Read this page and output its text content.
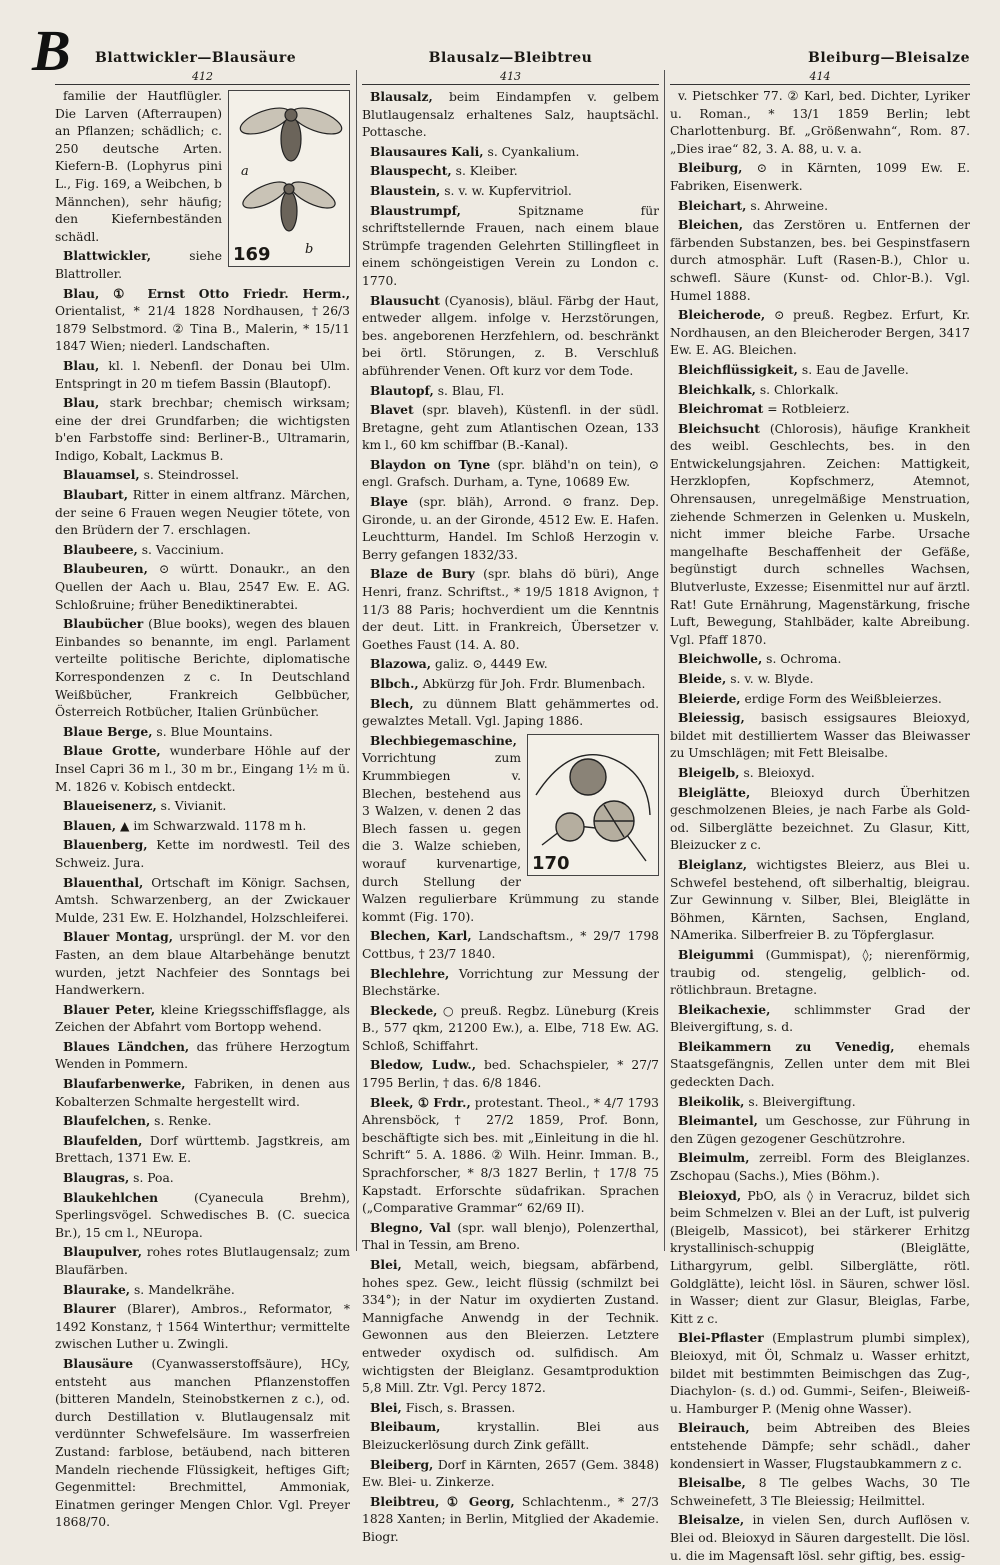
B	Blattwickler—Blausäure
412
a
b
169

familie der Hautflügler. Die Larven (Afterraupen) an Pflanzen; schädlich; c. 250 deutsche Arten. Kiefern-B. (Lophyrus pini L., Fig. 169, a Weibchen, b Männchen), sehr häufig; den Kiefernbeständen schädl.

Blattwickler,	siehe Blattroller.

Blau, ① Ernst Otto Friedr. Herm., Orientalist, * 21/4 1828 Nordhausen, †26/3 1879 Selbstmord. ② Tina B., Malerin, * 15/11 1847 Wien; niederl. Landschaften.

Blau, kl. l. Nebenfl. der Donau bei Ulm. Entspringt in 20 m tiefem Bassin (Blautopf).

Blau, stark brechbar; chemisch wirksam; eine der drei Grundfarben; die wichtigsten b'en Farbstoffe sind: Berliner-B., Ultramarin, Indigo, Kobalt, Lackmus B.

Blauamsel, s. Steindrossel.

Blaubart, Ritter in einem altfranz. Märchen, der seine 6 Frauen wegen Neugier tötete, von den Brüdern der 7. erschlagen.

Blaubeere, s. Vaccinium.

Blaubeuren, ⊙ württ. Donaukr., an den Quellen der Aach u. Blau, 2547 Ew. E. AG. Schloßruine; früher Benediktinerabtei.

Blaubücher (Blue books), wegen des blauen Einbandes so benannte, im engl. Parlament verteilte politische Berichte, diplomatische Korrespondenzen z c. In Deutschland Weißbücher, Frankreich Gelbbücher, Österreich Rotbücher, Italien Grünbücher.

Blaue Berge, s. Blue Mountains.

Blaue Grotte, wunderbare Höhle auf der Insel Capri 36 m l., 30 m br., Eingang 1½ m ü. M. 1826 v. Kobisch entdeckt.

Blaueisenerz, s. Vivianit.

Blauen, ▲ im Schwarzwald. 1178 m h.

Blauenberg, Kette im nordwestl. Teil des Schweiz. Jura.

Blauenthal, Ortschaft im Königr. Sachsen, Amtsh. Schwarzenberg, an der Zwickauer Mulde, 231 Ew. E. Holzhandel, Holzschleiferei.

Blauer Montag, ursprüngl. der M. vor den Fasten, an dem blaue Altarbehänge benutzt wurden, jetzt Nachfeier des Sonntags bei Handwerkern.

Blauer Peter, kleine Kriegsschiffsflagge, als Zeichen der Abfahrt vom Bortopp wehend.

Blaues Ländchen, das frühere Herzogtum Wenden in Pommern.

Blaufarbenwerke, Fabriken, in denen aus Kobalterzen Schmalte hergestellt wird.

Blaufelchen, s. Renke.

Blaufelden, Dorf württemb. Jagstkreis, am Brettach, 1371 Ew. E.

Blaugras, s. Poa.

Blaukehlchen	(Cyanecula Brehm), Sperlingsvögel. Schwedisches B. (C. suecica Br.), 15 cm l., NEuropa.

Blaupulver, rohes rotes Blutlaugensalz; zum Blaufärben.

Blaurake, s. Mandelkrähe.

Blaurer (Blarer), Ambros., Reformator, * 1492 Konstanz, † 1564 Winterthur; vermittelte zwischen Luther u. Zwingli.

Blausäure (Cyanwasserstoffsäure), HCy, entsteht aus manchen Pflanzenstoffen (bitteren Mandeln, Steinobstkernen z c.), od. durch Destillation v. Blutlaugensalz mit verdünnter Schwefelsäure. Im wasserfreien Zustand: farblose, betäubend, nach bitteren Mandeln riechende Flüssigkeit, heftiges Gift; Gegenmittel: Brechmittel, Ammoniak, Einatmen geringer Mengen Chlor. Vgl. Preyer 1868/70.

Blausalz—Bleibtreu
413

Blausalz, beim Eindampfen v. gelbem Blutlaugensalz erhaltenes Salz, hauptsächl. Pottasche.

Blausaures Kali, s. Cyankalium.

Blauspecht, s. Kleiber.

Blaustein, s. v. w. Kupfervitriol.

Blaustrumpf,	Spitzname für schriftstellernde Frauen, nach einem blaue Strümpfe tragenden Gelehrten Stillingfleet in einem schöngeistigen Verein zu London c. 1770.

Blausucht (Cyanosis), bläul. Färbg der Haut, entweder allgem. infolge v. Herzstörungen, bes. angeborenen Herzfehlern, od. beschränkt bei örtl. Störungen, z. B. Verschluß abführender Venen. Oft kurz vor dem Tode.

Blautopf, s. Blau, Fl.

Blavet (spr. blaveh), Küstenfl. in der südl. Bretagne, geht zum Atlantischen Ozean, 133 km l., 60 km schiffbar (B.-Kanal).

Blaydon on Tyne (spr. blähd'n on tein), ⊙ engl. Grafsch. Durham, a. Tyne, 10689 Ew.

Blaye (spr. bläh), Arrond. ⊙ franz. Dep. Gironde, u. an der Gironde, 4512 Ew. E. Hafen. Leuchtturm, Handel. Im Schloß Herzogin v. Berry gefangen 1832/33.

Blaze de Bury (spr. blahs dö büri), Ange Henri, franz. Schriftst., * 19/5 1818 Avignon, † 11/3 88 Paris; hochverdient um die Kenntnis der deut. Litt. in Frankreich, Übersetzer v. Goethes Faust (14. A. 80.

Blazowa, galiz. ⊙, 4449 Ew.

Blbch., Abkürzg für Joh. Frdr. Blumenbach.

Blech, zu dünnem Blatt gehämmertes od. gewalztes Metall. Vgl. Japing 1886.

170

Blechbiegemaschine, Vorrichtung zum Krummbiegen v. Blechen, bestehend aus 3 Walzen, v. denen 2 das Blech fassen u. gegen die 3. Walze schieben, worauf kurvenartige, durch Stellung der Walzen regulierbare Krümmung zu stande kommt (Fig. 170).

Blechen, Karl, Landschaftsm., * 29/7 1798 Cottbus, † 23/7 1840.

Blechlehre, Vorrichtung zur Messung der Blechstärke.

Bleckede, ○ preuß. Regbz. Lüneburg (Kreis B., 577 qkm, 21200 Ew.), a. Elbe, 718 Ew. AG. Schloß, Schiffahrt.

Bledow, Ludw., bed. Schachspieler, * 27/7 1795 Berlin, † das. 6/8 1846.

Bleek, ① Frdr., protestant. Theol., * 4/7 1793 Ahrensböck, † 27/2 1859, Prof. Bonn, beschäftigte sich bes. mit „Einleitung in die hl. Schrift“ 5. A. 1886. ② Wilh. Heinr. Imman. B., Sprachforscher, * 8/3 1827 Berlin, † 17/8 75 Kapstadt. Erforschte südafrikan. Sprachen („Comparative Grammar“ 62/69 II).

Blegno, Val (spr. wall blenjo), Polenzerthal, Thal in Tessin, am Breno.

Blei, Metall, weich, biegsam, abfärbend, hohes spez. Gew., leicht flüssig (schmilzt bei 334°); in der Natur im oxydierten Zustand. Mannigfache Anwendg in der Technik. Gewonnen aus den Bleierzen. Letztere entweder oxydisch od. sulfidisch. Am wichtigsten der Bleiglanz. Gesamtproduktion 5,8 Mill. Ztr. Vgl. Percy 1872.

Blei, Fisch, s. Brassen.

Bleibaum,	krystallin. Blei aus Bleizuckerlösung durch Zink gefällt.

Bleiberg, Dorf in Kärnten, 2657 (Gem. 3848) Ew. Blei- u. Zinkerze.

Bleibtreu, ① Georg, Schlachtenm., * 27/3 1828 Xanten; in Berlin, Mitglied der Akademie. Biogr.

Bleiburg—Bleisalze
414

v. Pietschker 77. ② Karl, bed. Dichter, Lyriker u. Roman., * 13/1 1859 Berlin; lebt Charlottenburg. Bf. „Größenwahn“, Rom. 87. „Dies irae“ 82, 3. A. 88, u. v. a.

Bleiburg, ⊙ in Kärnten, 1099 Ew. E. Fabriken, Eisenwerk.

Bleichart, s. Ahrweine.

Bleichen, das Zerstören u. Entfernen der färbenden Substanzen, bes. bei Gespinstfasern durch atmosphär. Luft (Rasen-B.), Chlor u. schwefl. Säure (Kunst- od. Chlor-B.). Vgl. Humel 1888.

Bleicherode, ⊙ preuß. Regbez. Erfurt, Kr. Nordhausen, an den Bleicheroder Bergen, 3417 Ew. E. AG. Bleichen.

Bleichflüssigkeit, s. Eau de Javelle.

Bleichkalk, s. Chlorkalk.

Bleichromat = Rotbleierz.

Bleichsucht (Chlorosis), häufige Krankheit des weibl. Geschlechts, bes. in den Entwickelungsjahren. Zeichen: Mattigkeit, Herzklopfen, Kopfschmerz, Atemnot, Ohrensausen, unregelmäßige Menstruation, ziehende Schmerzen in Gelenken u. Muskeln, nicht immer bleiche Farbe. Ursache mangelhafte Beschaffenheit der Gefäße, begünstigt durch schnelles Wachsen, Blutverluste, Exzesse; Eisenmittel nur auf ärztl. Rat! Gute Ernährung, Magenstärkung, frische Luft, Bewegung, Stahlbäder, kalte Abreibung. Vgl. Pfaff 1870.

Bleichwolle, s. Ochroma.

Bleide, s. v. w. Blyde.

Bleierde, erdige Form des Weißbleierzes.

Bleiessig, basisch essigsaures Bleioxyd, bildet mit destilliertem Wasser das Bleiwasser zu Umschlägen; mit Fett Bleisalbe.

Bleigelb, s. Bleioxyd.

Bleiglätte, Bleioxyd durch Überhitzen geschmolzenen Bleies, je nach Farbe als Gold- od. Silberglätte bezeichnet. Zu Glasur, Kitt, Bleizucker z c.

Bleiglanz, wichtigstes Bleierz, aus Blei u. Schwefel bestehend, oft silberhaltig, bleigrau. Zur Gewinnung v. Silber, Blei, Bleiglätte in Böhmen, Kärnten, Sachsen, England, NAmerika. Silberfreier B. zu Töpferglasur.

Bleigummi (Gummispat), ◊; nierenförmig, traubig od. stengelig, gelblich- od. rötlichbraun. Bretagne.

Bleikachexie, schlimmster Grad der Bleivergiftung, s. d.

Bleikammern zu Venedig, ehemals Staatsgefängnis, Zellen unter dem mit Blei gedeckten Dach.

Bleikolik, s. Bleivergiftung.

Bleimantel, um Geschosse, zur Führung in den Zügen gezogener Geschützrohre.

Bleimulm, zerreibl. Form des Bleiglanzes. Zschopau (Sachs.), Mies (Böhm.).

Bleioxyd, PbO, als ◊ in Veracruz, bildet sich beim Schmelzen v. Blei an der Luft, ist pulverig (Bleigelb, Massicot), bei stärkerer Erhitzg krystallinisch-schuppig (Bleiglätte, Lithargyrum, gelbl. Silberglätte, rötl. Goldglätte), leicht lösl. in Säuren, schwer lösl. in Wasser; dient zur Glasur, Bleiglas, Farbe, Kitt z c.

Blei-Pflaster (Emplastrum plumbi simplex), Bleioxyd, mit Öl, Schmalz u. Wasser erhitzt, bildet mit bestimmten Beimischgen das Zug-, Diachylon- (s. d.) od. Gummi-, Seifen-, Bleiweiß- u. Hamburger P. (Menig ohne Wasser).

Bleirauch, beim Abtreiben des Bleies entstehende Dämpfe; sehr schädl., daher kondensiert in Wasser, Flugstaubkammern z c.

Bleisalbe, 8 Tle gelbes Wachs, 30 Tle Schweinefett, 3 Tle Bleiessig; Heilmittel.

Bleisalze, in vielen Sen, durch Auflösen v. Blei od. Bleioxyd in Säuren dargestellt. Die lösl. u. die im Magensaft lösl. sehr giftig, bes. essig-
